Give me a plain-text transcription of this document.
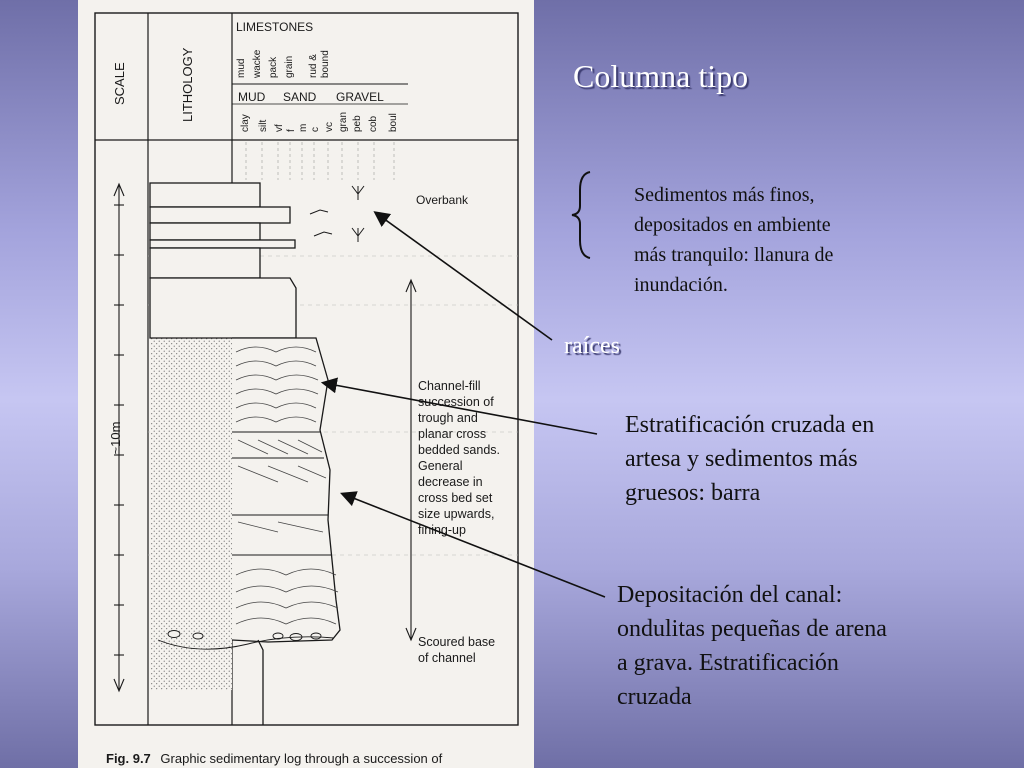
SCALE	LITHOLOGY
LIMESTONES
mud wacke pack grain rud & bound
MUD SAND GRAVEL
clay silt vf f m c vc gran peb cob boul
~10m
Overbank
Channel-fill succession of trough and planar cross bedded sands. General decrease in cross bed set size upwards, fining-up
Scoured base of channel
Fig. 9.7 Graphic sedimentary log through a succession of
Columna tipo
Sedimentos más finos,
depositados en ambiente
más tranquilo: llanura de
inundación.
raíces
Estratificación cruzada en
artesa y sedimentos más
gruesos: barra
Depositación del canal:
ondulitas pequeñas de arena
a grava. Estratificación
cruzada
